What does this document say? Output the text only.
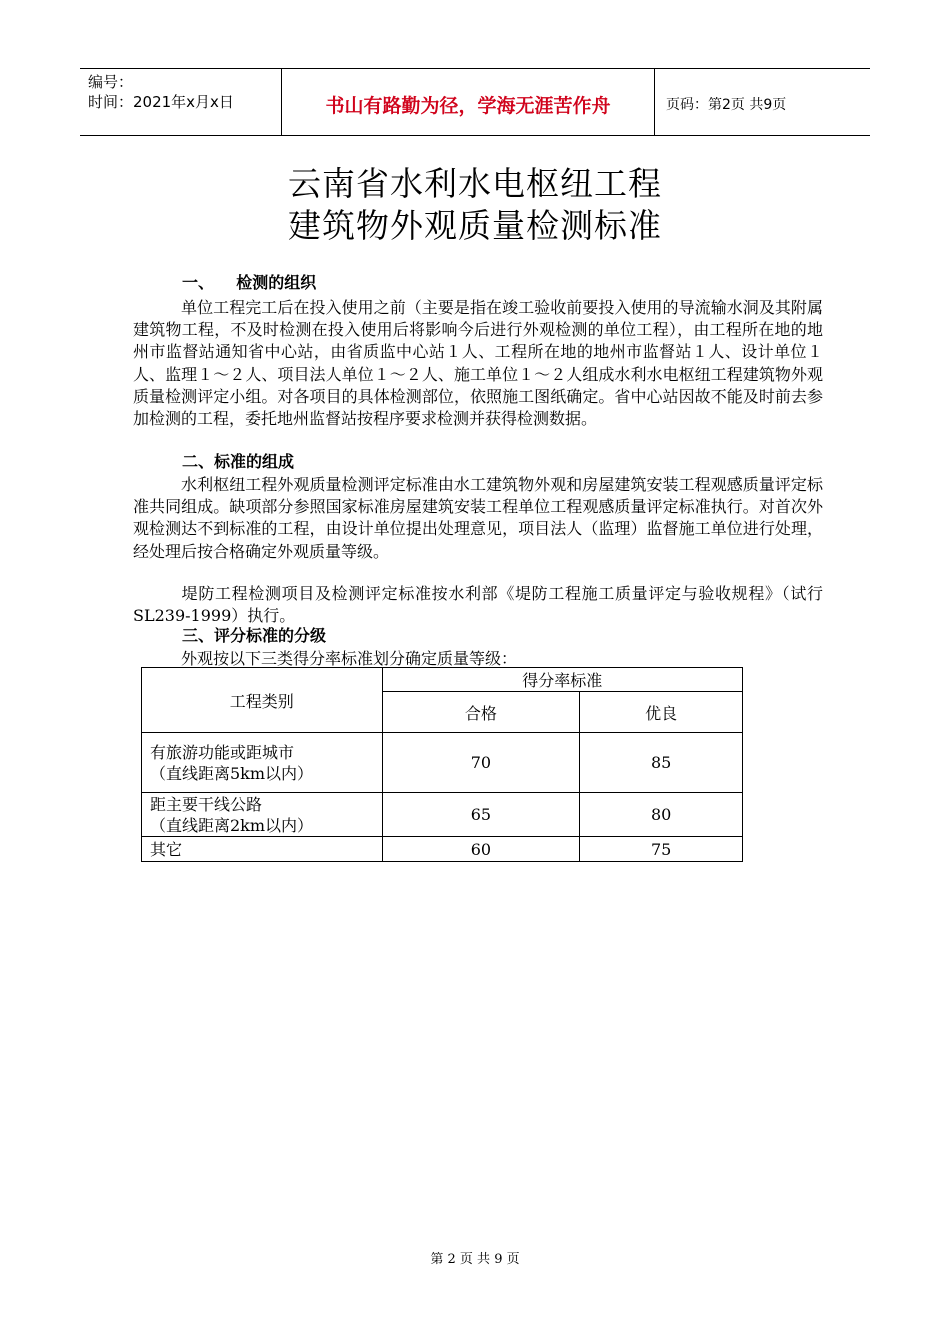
编号：
时间：2021年x月x日	书山有路勤为径，学海无涯苦作舟	页码：第2页 共9页
云南省水利水电枢纽工程
建筑物外观质量检测标准
一、    检测的组织
单位工程完工后在投入使用之前（主要是指在竣工验收前要投入使用的导流输水洞及其附属建筑物工程，不及时检测在投入使用后将影响今后进行外观检测的单位工程），由工程所在地的地州市监督站通知省中心站，由省质监中心站１人、工程所在地的地州市监督站１人、设计单位１人、监理１～２人、项目法人单位１～２人、施工单位１～２人组成水利水电枢纽工程建筑物外观质量检测评定小组。对各项目的具体检测部位，依照施工图纸确定。省中心站因故不能及时前去参加检测的工程，委托地州监督站按程序要求检测并获得检测数据。
二、标准的组成
水利枢纽工程外观质量检测评定标准由水工建筑物外观和房屋建筑安装工程观感质量评定标准共同组成。缺项部分参照国家标准房屋建筑安装工程单位工程观感质量评定标准执行。对首次外观检测达不到标准的工程，由设计单位提出处理意见，项目法人（监理）监督施工单位进行处理，经处理后按合格确定外观质量等级。
堤防工程检测项目及检测评定标准按水利部《堤防工程施工质量评定与验收规程》（试行SL239-1999）执行。
三、评分标准的分级
外观按以下三类得分率标准划分确定质量等级：
工程类别	得分率标准	
	合格	优良

有旅游功能或距城市
（直线距离5km以内）	70	85

距主要干线公路
（直线距离2km以内）	65	80

其它	60	75
第 2 页 共 9 页
